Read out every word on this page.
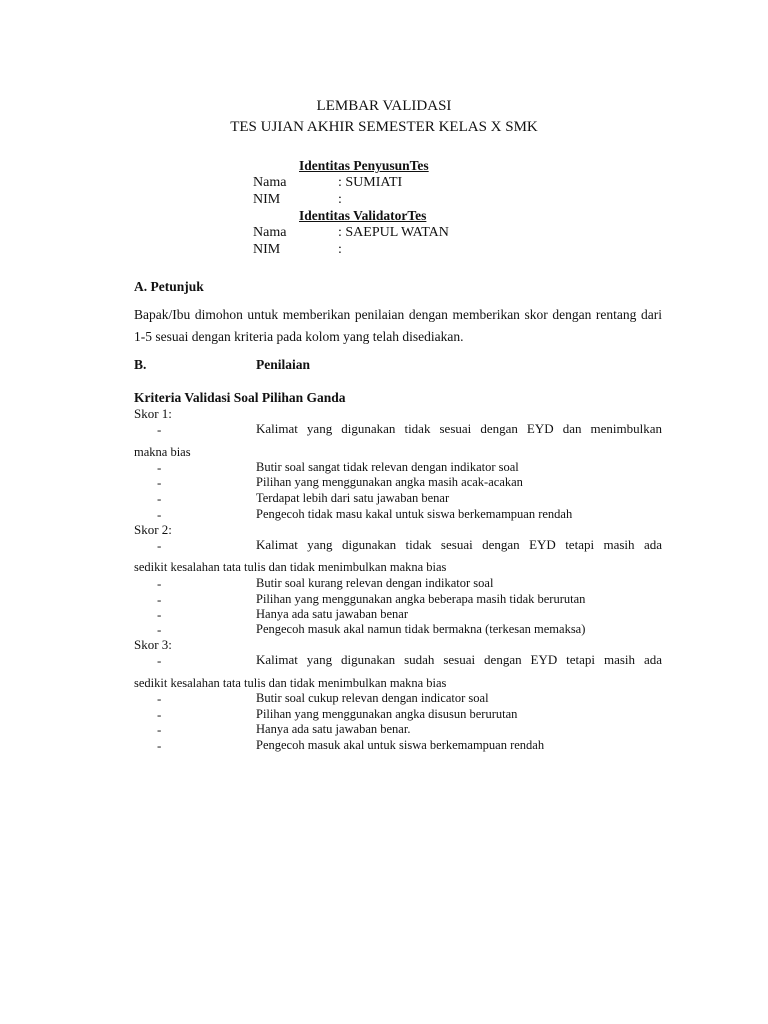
LEMBAR VALIDASI
TES UJIAN AKHIR SEMESTER KELAS X SMK
Identitas PenyusunTes
Nama	: SUMIATI
NIM	:
Identitas ValidatorTes
Nama	: SAEPUL WATAN
NIM	:
A. Petunjuk
Bapak/Ibu dimohon untuk memberikan penilaian dengan memberikan skor dengan rentang dari 1-5 sesuai dengan kriteria pada kolom yang telah disediakan.
B.	Penilaian
Kriteria Validasi Soal Pilihan Ganda
Skor 1:
-	Kalimat yang digunakan tidak sesuai dengan EYD dan menimbulkan
makna bias
-	Butir soal sangat tidak relevan dengan indikator soal
-	Pilihan yang menggunakan angka masih acak-acakan
-	Terdapat lebih dari satu jawaban benar
-	Pengecoh tidak masu kakal untuk siswa berkemampuan rendah
Skor 2:
-	Kalimat yang digunakan tidak sesuai dengan EYD tetapi masih ada
sedikit kesalahan tata tulis dan tidak menimbulkan makna bias
-	Butir soal kurang relevan dengan indikator soal
-	Pilihan yang menggunakan angka beberapa masih tidak berurutan
-	Hanya ada satu jawaban benar
-	Pengecoh masuk akal namun tidak bermakna (terkesan memaksa)
Skor 3:
-	Kalimat yang digunakan sudah sesuai dengan EYD tetapi masih ada
sedikit kesalahan tata tulis dan tidak menimbulkan makna bias
-	Butir soal cukup relevan dengan indicator soal
-	Pilihan yang menggunakan angka disusun berurutan
-	Hanya ada satu jawaban benar.
-	Pengecoh masuk akal untuk siswa berkemampuan rendah
